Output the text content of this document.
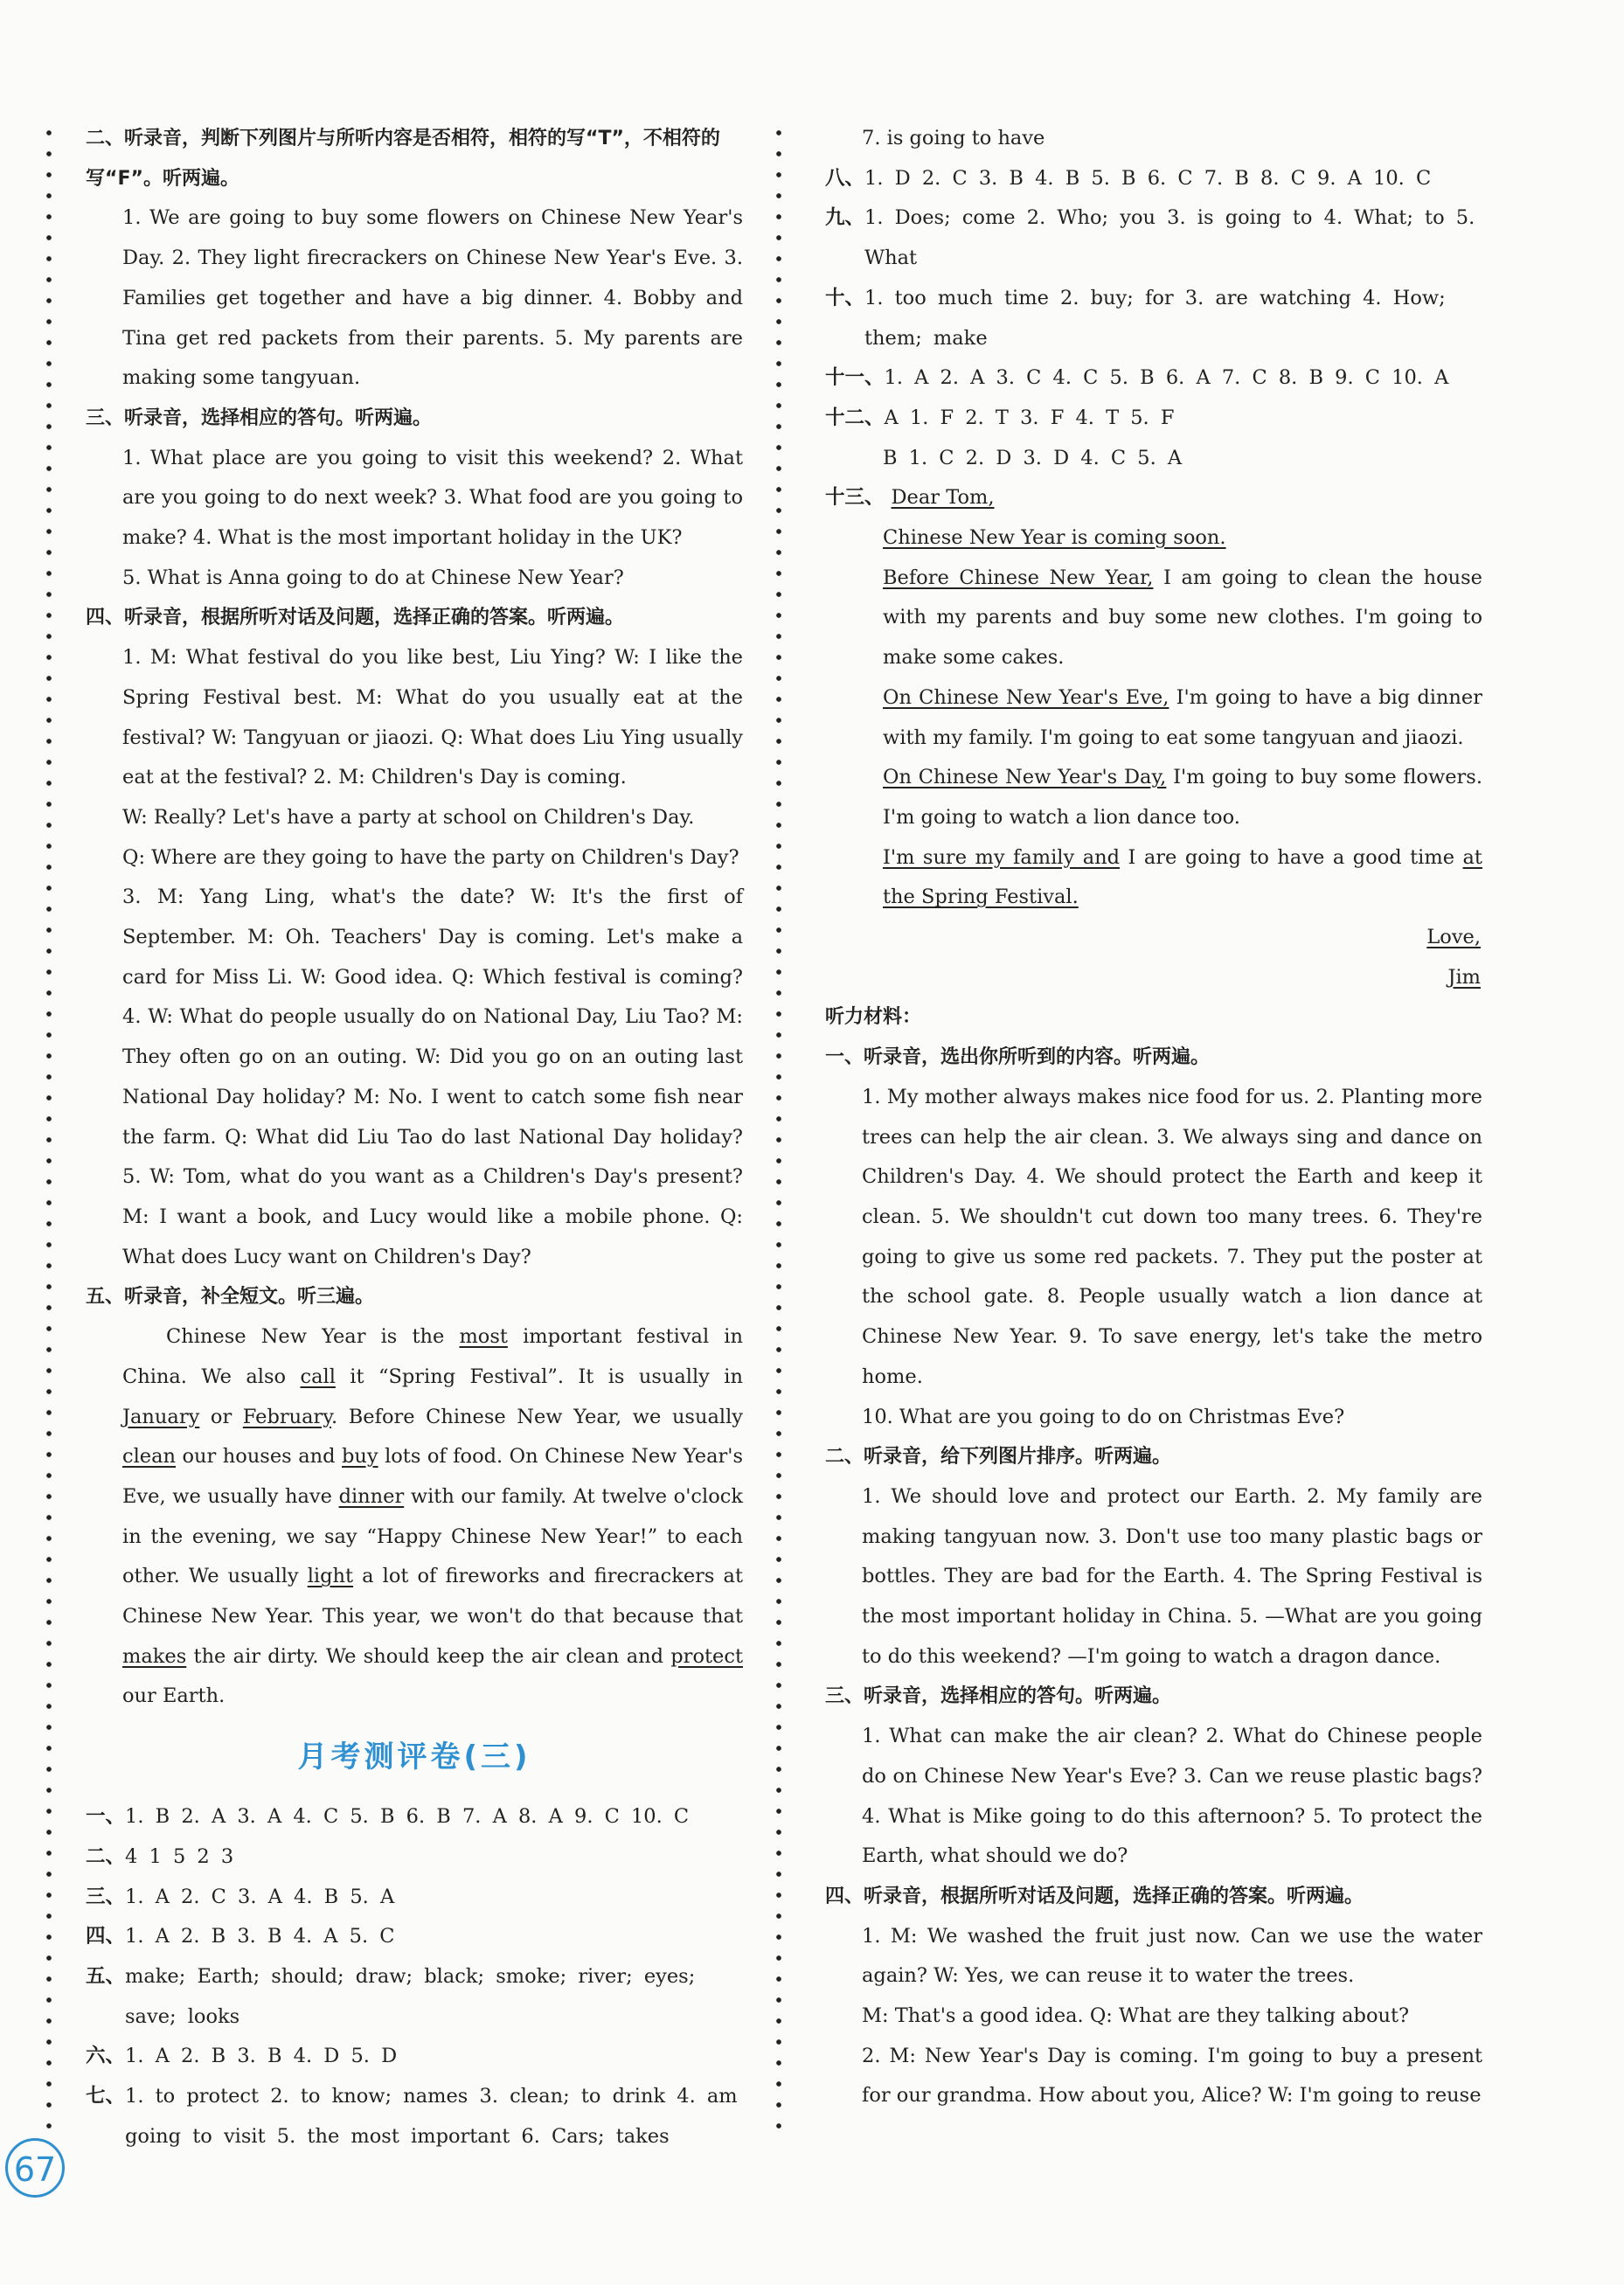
二、听录音，判断下列图片与所听内容是否相符，相符的写“T”，不相符的写“F”。听两遍。
1. We are going to buy some flowers on Chinese New Year's Day. 2. They light firecrackers on Chinese New Year's Eve. 3. Families get together and have a big dinner. 4. Bobby and Tina get red packets from their parents. 5. My parents are making some tangyuan.
三、听录音，选择相应的答句。听两遍。
1. What place are you going to visit this weekend? 2. What are you going to do next week? 3. What food are you going to make? 4. What is the most important holiday in the UK?
5. What is Anna going to do at Chinese New Year?
四、听录音，根据所听对话及问题，选择正确的答案。听两遍。
1. M: What festival do you like best, Liu Ying? W: I like the Spring Festival best. M: What do you usually eat at the festival? W: Tangyuan or jiaozi. Q: What does Liu Ying usually eat at the festival? 2. M: Children's Day is coming.
W: Really? Let's have a party at school on Children's Day.
Q: Where are they going to have the party on Children's Day?
3. M: Yang Ling, what's the date? W: It's the first of September. M: Oh. Teachers' Day is coming. Let's make a card for Miss Li. W: Good idea. Q: Which festival is coming? 4. W: What do people usually do on National Day, Liu Tao? M: They often go on an outing. W: Did you go on an outing last National Day holiday? M: No. I went to catch some fish near the farm. Q: What did Liu Tao do last National Day holiday? 5. W: Tom, what do you want as a Children's Day's present? M: I want a book, and Lucy would like a mobile phone. Q: What does Lucy want on Children's Day?
五、听录音，补全短文。听三遍。
Chinese New Year is the most important festival in China. We also call it “Spring Festival”. It is usually in January or February. Before Chinese New Year, we usually clean our houses and buy lots of food. On Chinese New Year's Eve, we usually have dinner with our family. At twelve o'clock in the evening, we say “Happy Chinese New Year!” to each other. We usually light a lot of fireworks and firecrackers at Chinese New Year. This year, we won't do that because that makes the air dirty. We should keep the air clean and protect our Earth.
月考测评卷(三)
一、 1. B 2. A 3. A 4. C 5. B 6. B 7. A 8. A 9. C 10. C
二、 4 1 5 2 3
三、 1. A 2. C 3. A 4. B 5. A
四、 1. A 2. B 3. B 4. A 5. C
五、 make; Earth; should; draw; black; smoke; river; eyes; save; looks
六、 1. A 2. B 3. B 4. D 5. D
七、 1. to protect 2. to know; names 3. clean; to drink 4. am going to visit 5. the most important 6. Cars; takes
7. is going to have
八、 1. D 2. C 3. B 4. B 5. B 6. C 7. B 8. C 9. A 10. C
九、 1. Does; come 2. Who; you 3. is going to 4. What; to 5. What
十、 1. too much time 2. buy; for 3. are watching 4. How; them; make
十一、 1. A 2. A 3. C 4. C 5. B 6. A 7. C 8. B 9. C 10. A
十二、 A 1. F 2. T 3. F 4. T 5. F
B 1. C 2. D 3. D 4. C 5. A
十三、 Dear Tom,
Chinese New Year is coming soon.
Before Chinese New Year, I am going to clean the house with my parents and buy some new clothes. I'm going to make some cakes.
On Chinese New Year's Eve, I'm going to have a big dinner with my family. I'm going to eat some tangyuan and jiaozi.
On Chinese New Year's Day, I'm going to buy some flowers. I'm going to watch a lion dance too.
I'm sure my family and I are going to have a good time at the Spring Festival.
Love,
Jim
听力材料：
一、听录音，选出你所听到的内容。听两遍。
1. My mother always makes nice food for us. 2. Planting more trees can help the air clean. 3. We always sing and dance on Children's Day. 4. We should protect the Earth and keep it clean. 5. We shouldn't cut down too many trees. 6. They're going to give us some red packets. 7. They put the poster at the school gate. 8. People usually watch a lion dance at Chinese New Year. 9. To save energy, let's take the metro home.
10. What are you going to do on Christmas Eve?
二、听录音，给下列图片排序。听两遍。
1. We should love and protect our Earth. 2. My family are making tangyuan now. 3. Don't use too many plastic bags or bottles. They are bad for the Earth. 4. The Spring Festival is the most important holiday in China. 5. —What are you going to do this weekend? —I'm going to watch a dragon dance.
三、听录音，选择相应的答句。听两遍。
1. What can make the air clean? 2. What do Chinese people do on Chinese New Year's Eve? 3. Can we reuse plastic bags? 4. What is Mike going to do this afternoon? 5. To protect the Earth, what should we do?
四、听录音，根据所听对话及问题，选择正确的答案。听两遍。
1. M: We washed the fruit just now. Can we use the water again? W: Yes, we can reuse it to water the trees.
M: That's a good idea. Q: What are they talking about?
2. M: New Year's Day is coming. I'm going to buy a present for our grandma. How about you, Alice? W: I'm going to reuse
67
